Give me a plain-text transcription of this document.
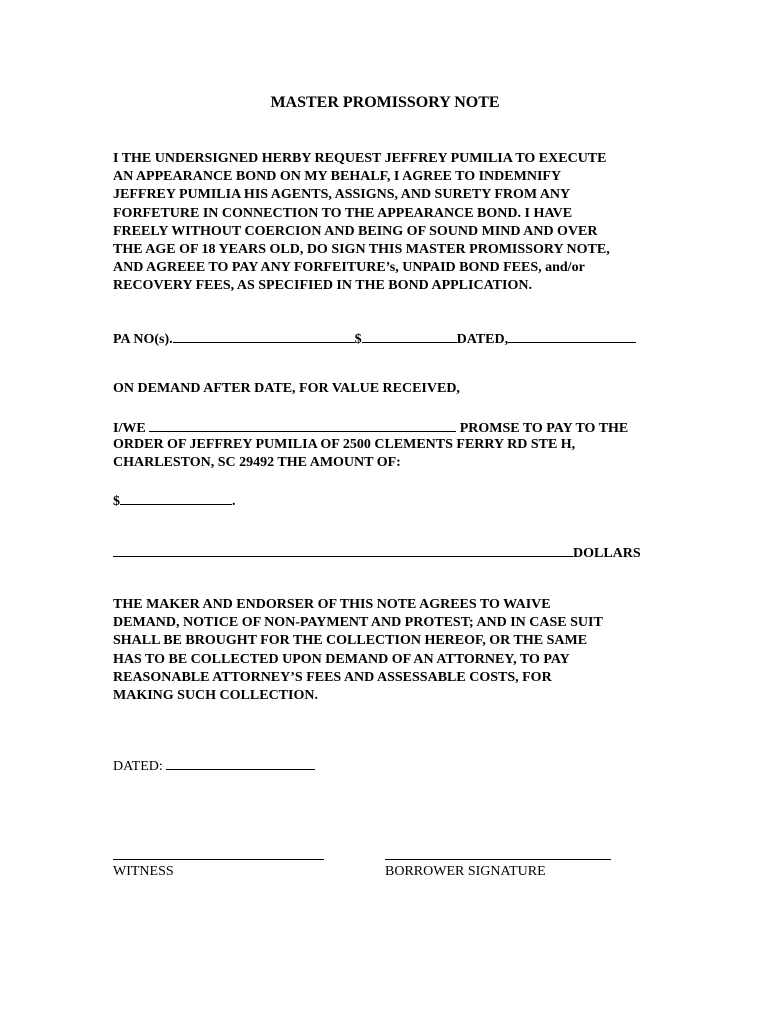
MASTER PROMISSORY NOTE
I THE UNDERSIGNED HERBY REQUEST JEFFREY PUMILIA TO EXECUTE
AN APPEARANCE BOND ON MY BEHALF, I AGREE TO INDEMNIFY
JEFFREY PUMILIA HIS AGENTS, ASSIGNS, AND SURETY FROM ANY
FORFETURE IN CONNECTION TO THE APPEARANCE BOND. I HAVE
FREELY WITHOUT COERCION AND BEING OF SOUND MIND AND OVER
THE AGE OF 18 YEARS OLD, DO SIGN THIS MASTER PROMISSORY NOTE,
AND AGREEE TO PAY ANY FORFEITURE’s, UNPAID BOND FEES, and/or
RECOVERY FEES, AS SPECIFIED IN THE BOND APPLICATION.
PA NO(s).	$	DATED,
ON DEMAND AFTER DATE, FOR VALUE RECEIVED,
I/WE	PROMSE TO PAY TO THE
ORDER OF JEFFREY PUMILIA OF 2500 CLEMENTS FERRY RD STE H,
CHARLESTON, SC 29492 THE AMOUNT OF:
$	.
DOLLARS
THE MAKER AND ENDORSER OF THIS NOTE AGREES TO WAIVE
DEMAND, NOTICE OF NON-PAYMENT AND PROTEST; AND IN CASE SUIT
SHALL BE BROUGHT FOR THE COLLECTION HEREOF, OR THE SAME
HAS TO BE COLLECTED UPON DEMAND OF AN ATTORNEY, TO PAY
REASONABLE ATTORNEY’S FEES AND ASSESSABLE COSTS, FOR
MAKING SUCH COLLECTION.
DATED:
WITNESS	BORROWER SIGNATURE
